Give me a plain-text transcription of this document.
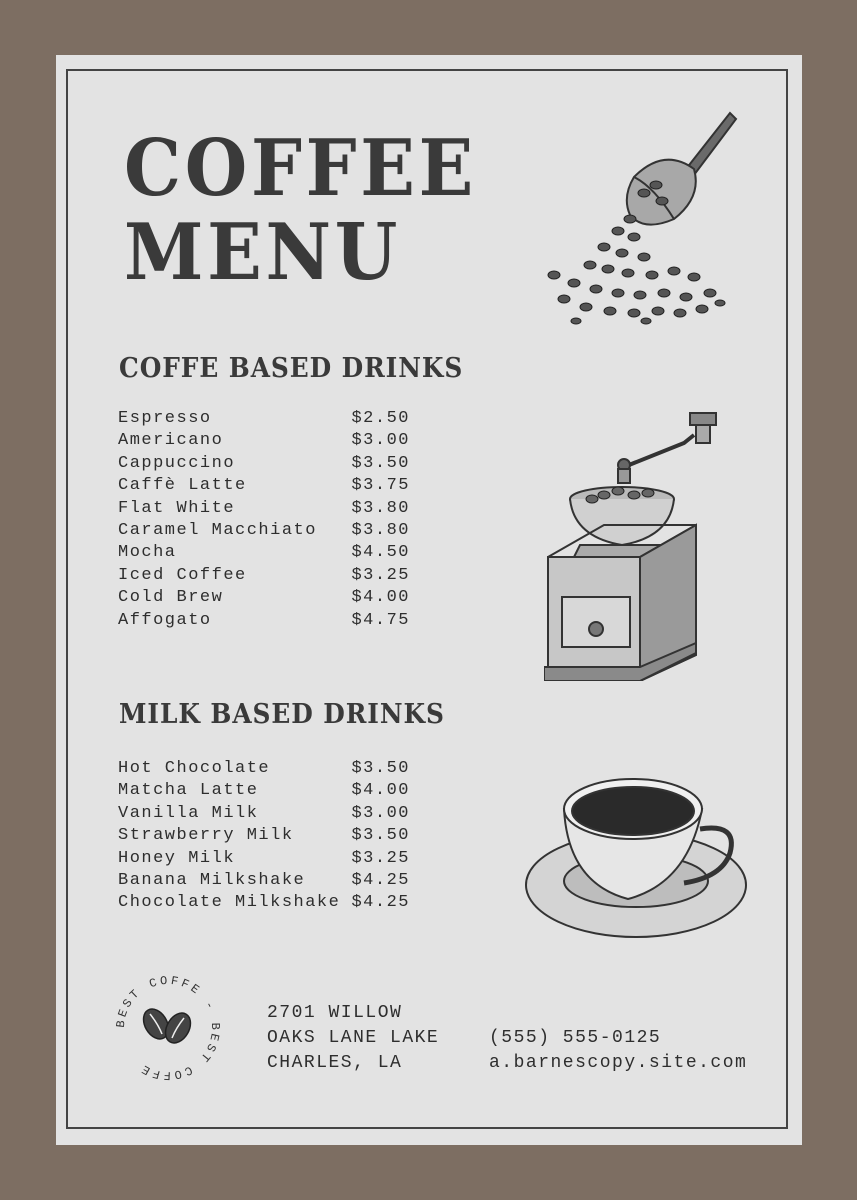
COFFEE
MENU
COFFE BASED DRINKS
Espresso	$2.50
Americano	$3.00
Cappuccino	$3.50
Caffè Latte	$3.75
Flat White	$3.80
Caramel Macchiato $3.80
Mocha	$4.50
Iced Coffee	$3.25
Cold Brew	$4.00
Affogato	$4.75
MILK BASED DRINKS
Hot Chocolate	$3.50
Matcha Latte	$4.00
Vanilla Milk	$3.00
Strawberry Milk	$3.50
Honey Milk	$3.25
Banana Milkshake	$4.25
Chocolate Milkshake $4.25
BEST COFFE - BEST COFFE
2701 WILLOW
OAKS LANE LAKE
CHARLES, LA
(555) 555-0125
a.barnescopy.site.com
